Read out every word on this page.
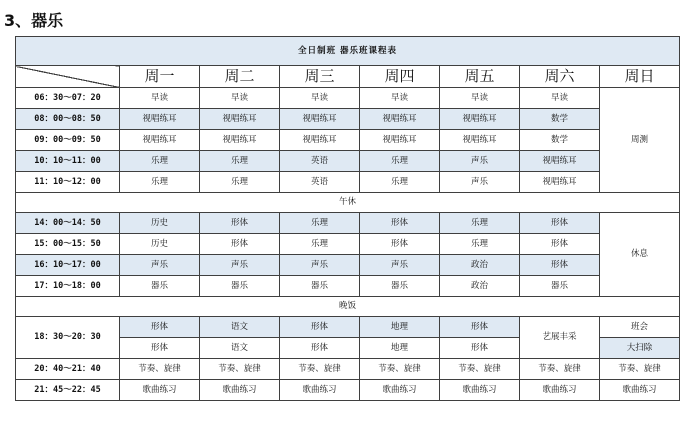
3、器乐
全日制班 器乐班课程表							
	周一	周二	周三	周四	周五	周六	周日
06：30～07：20	早读	早读	早读	早读	早读	早读	周测
08：00～08：50	视唱练耳	视唱练耳	视唱练耳	视唱练耳	视唱练耳	数学	
09：00～09：50	视唱练耳	视唱练耳	视唱练耳	视唱练耳	视唱练耳	数学	
10：10～11：00	乐理	乐理	英语	乐理	声乐	视唱练耳	
11：10～12：00	乐理	乐理	英语	乐理	声乐	视唱练耳	
午休							
14：00～14：50	历史	形体	乐理	形体	乐理	形体	休息
15：00～15：50	历史	形体	乐理	形体	乐理	形体	
16：10～17：00	声乐	声乐	声乐	声乐	政治	形体	
17：10～18：00	器乐	器乐	器乐	器乐	政治	器乐	
晚饭							
18：30～20：30	形体	语文	形体	地理	形体	艺展丰采	班会
	形体	语文	形体	地理	形体		大扫除
20：40～21：40	节奏、旋律	节奏、旋律	节奏、旋律	节奏、旋律	节奏、旋律	节奏、旋律	节奏、旋律
21：45～22：45	歌曲练习	歌曲练习	歌曲练习	歌曲练习	歌曲练习	歌曲练习	歌曲练习
